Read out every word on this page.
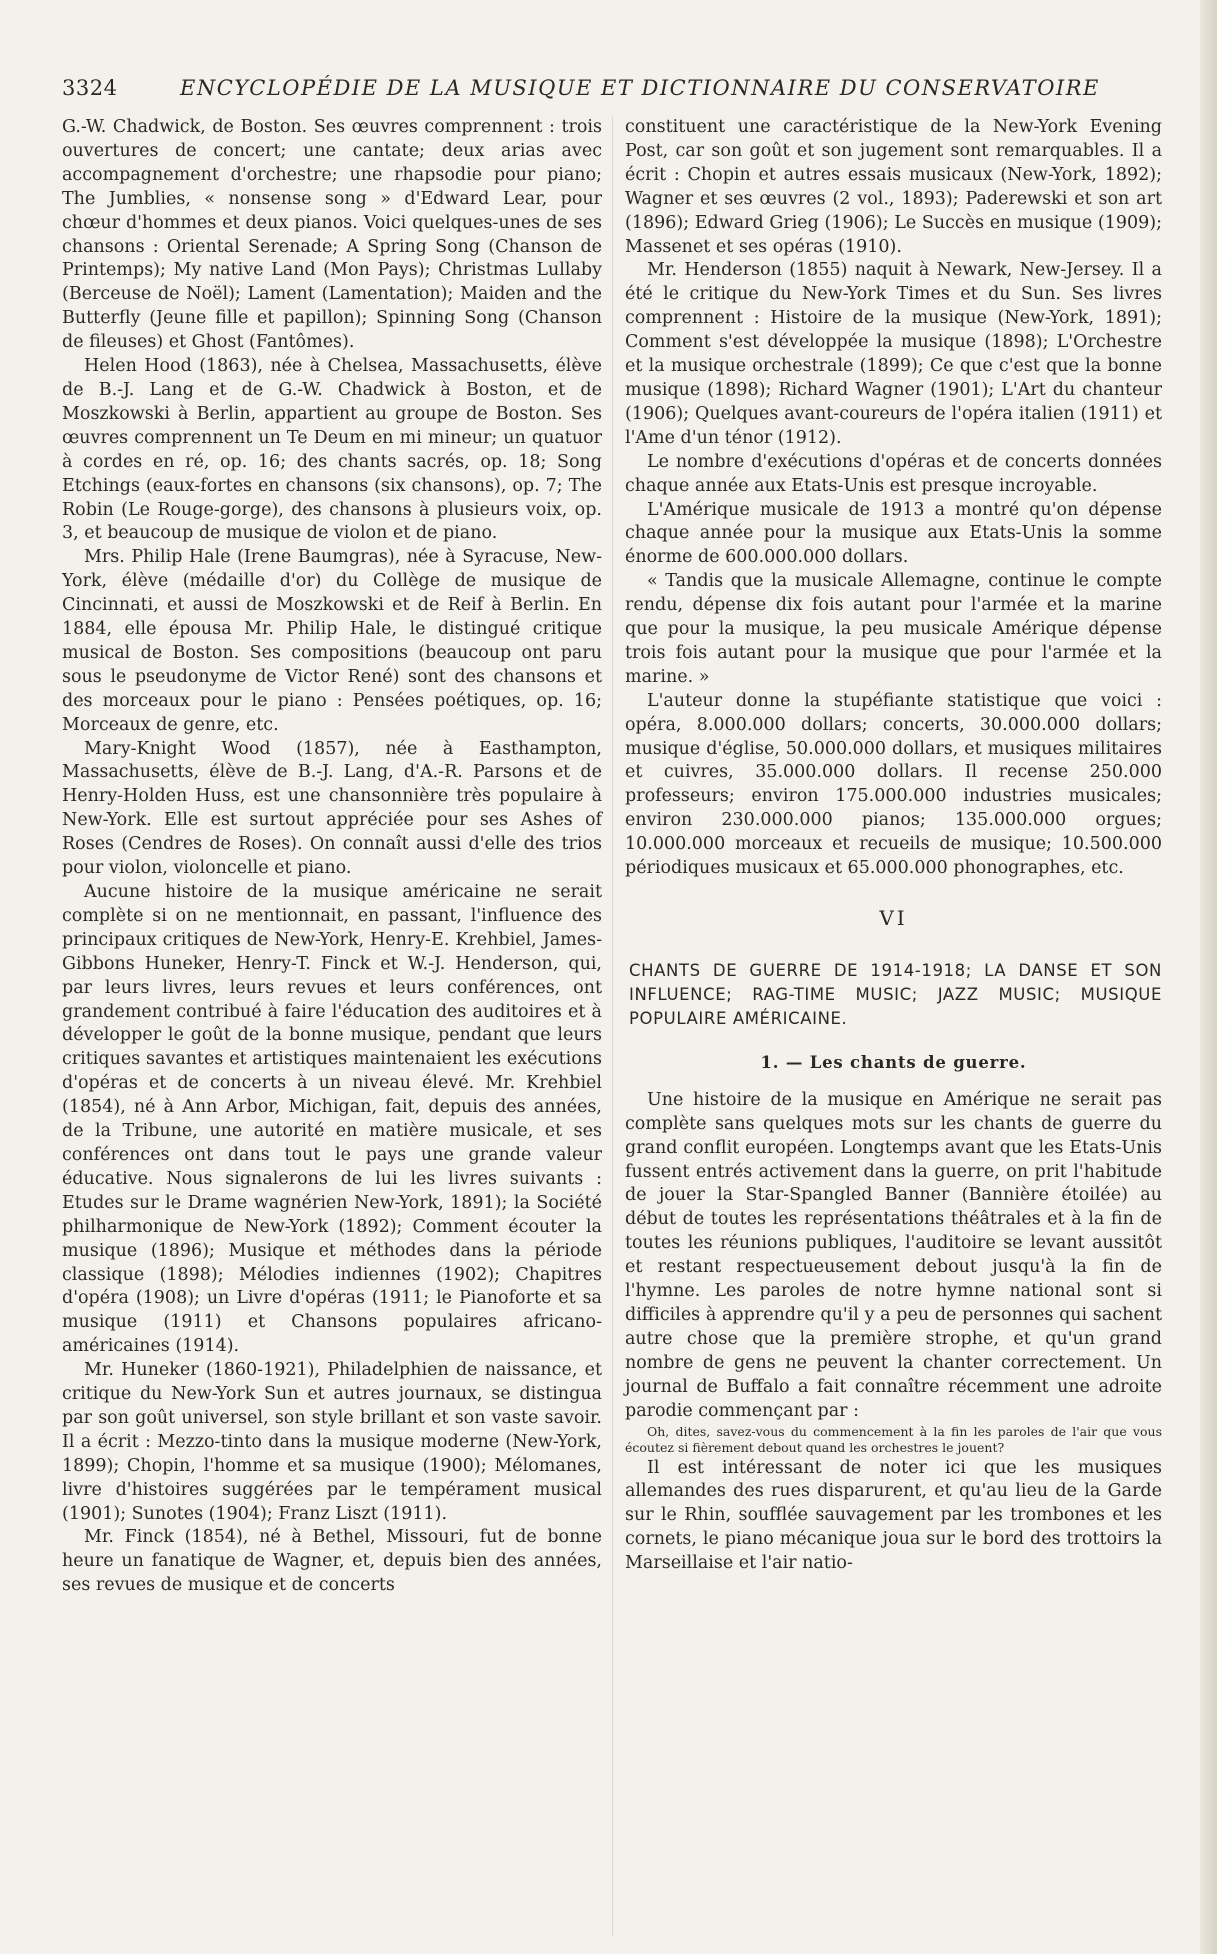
3324	ENCYCLOPÉDIE DE LA MUSIQUE ET DICTIONNAIRE DU CONSERVATOIRE

G.-W. Chadwick, de Boston. Ses œuvres comprennent : trois ouvertures de concert; une cantate; deux arias avec accompagnement d'orchestre; une rhapsodie pour piano; The Jumblies, « nonsense song » d'Edward Lear, pour chœur d'hommes et deux pianos. Voici quelques-unes de ses chansons : Oriental Serenade; A Spring Song (Chanson de Printemps); My native Land (Mon Pays); Christmas Lullaby (Berceuse de Noël); Lament (Lamentation); Maiden and the Butterfly (Jeune fille et papillon); Spinning Song (Chanson de fileuses) et Ghost (Fantômes).

Helen Hood (1863), née à Chelsea, Massachusetts, élève de B.-J. Lang et de G.-W. Chadwick à Boston, et de Moszkowski à Berlin, appartient au groupe de Boston. Ses œuvres comprennent un Te Deum en mi mineur; un quatuor à cordes en ré, op. 16; des chants sacrés, op. 18; Song Etchings (eaux-fortes en chansons (six chansons), op. 7; The Robin (Le Rouge-gorge), des chansons à plusieurs voix, op. 3, et beaucoup de musique de violon et de piano.

Mrs. Philip Hale (Irene Baumgras), née à Syracuse, New-York, élève (médaille d'or) du Collège de musique de Cincinnati, et aussi de Moszkowski et de Reif à Berlin. En 1884, elle épousa Mr. Philip Hale, le distingué critique musical de Boston. Ses compositions (beaucoup ont paru sous le pseudonyme de Victor René) sont des chansons et des morceaux pour le piano : Pensées poétiques, op. 16; Morceaux de genre, etc.

Mary-Knight Wood (1857), née à Easthampton, Massachusetts, élève de B.-J. Lang, d'A.-R. Parsons et de Henry-Holden Huss, est une chansonnière très populaire à New-York. Elle est surtout appréciée pour ses Ashes of Roses (Cendres de Roses). On connaît aussi d'elle des trios pour violon, violoncelle et piano.

Aucune histoire de la musique américaine ne serait complète si on ne mentionnait, en passant, l'influence des principaux critiques de New-York, Henry-E. Krehbiel, James-Gibbons Huneker, Henry-T. Finck et W.-J. Henderson, qui, par leurs livres, leurs revues et leurs conférences, ont grandement contribué à faire l'éducation des auditoires et à développer le goût de la bonne musique, pendant que leurs critiques savantes et artistiques maintenaient les exécutions d'opéras et de concerts à un niveau élevé. Mr. Krehbiel (1854), né à Ann Arbor, Michigan, fait, depuis des années, de la Tribune, une autorité en matière musicale, et ses conférences ont dans tout le pays une grande valeur éducative. Nous signalerons de lui les livres suivants : Etudes sur le Drame wagnérien New-York, 1891); la Société philharmonique de New-York (1892); Comment écouter la musique (1896); Musique et méthodes dans la période classique (1898); Mélodies indiennes (1902); Chapitres d'opéra (1908); un Livre d'opéras (1911; le Pianoforte et sa musique (1911) et Chansons populaires africano-américaines (1914).

Mr. Huneker (1860-1921), Philadelphien de naissance, et critique du New-York Sun et autres journaux, se distingua par son goût universel, son style brillant et son vaste savoir. Il a écrit : Mezzo-tinto dans la musique moderne (New-York, 1899); Chopin, l'homme et sa musique (1900); Mélomanes, livre d'histoires suggérées par le tempérament musical (1901); Sunotes (1904); Franz Liszt (1911).

Mr. Finck (1854), né à Bethel, Missouri, fut de bonne heure un fanatique de Wagner, et, depuis bien des années, ses revues de musique et de concerts

constituent une caractéristique de la New-York Evening Post, car son goût et son jugement sont remarquables. Il a écrit : Chopin et autres essais musicaux (New-York, 1892); Wagner et ses œuvres (2 vol., 1893); Paderewski et son art (1896); Edward Grieg (1906); Le Succès en musique (1909); Massenet et ses opéras (1910).

Mr. Henderson (1855) naquit à Newark, New-Jersey. Il a été le critique du New-York Times et du Sun. Ses livres comprennent : Histoire de la musique (New-York, 1891); Comment s'est développée la musique (1898); L'Orchestre et la musique orchestrale (1899); Ce que c'est que la bonne musique (1898); Richard Wagner (1901); L'Art du chanteur (1906); Quelques avant-coureurs de l'opéra italien (1911) et l'Ame d'un ténor (1912).

Le nombre d'exécutions d'opéras et de concerts données chaque année aux Etats-Unis est presque incroyable.

L'Amérique musicale de 1913 a montré qu'on dépense chaque année pour la musique aux Etats-Unis la somme énorme de 600.000.000 dollars.

« Tandis que la musicale Allemagne, continue le compte rendu, dépense dix fois autant pour l'armée et la marine que pour la musique, la peu musicale Amérique dépense trois fois autant pour la musique que pour l'armée et la marine. »

L'auteur donne la stupéfiante statistique que voici : opéra, 8.000.000 dollars; concerts, 30.000.000 dollars; musique d'église, 50.000.000 dollars, et musiques militaires et cuivres, 35.000.000 dollars. Il recense 250.000 professeurs; environ 175.000.000 industries musicales; environ 230.000.000 pianos; 135.000.000 orgues; 10.000.000 morceaux et recueils de musique; 10.500.000 périodiques musicaux et 65.000.000 phonographes, etc.

VI
CHANTS DE GUERRE DE 1914-1918; LA DANSE ET SON INFLUENCE; RAG-TIME MUSIC; JAZZ MUSIC; MUSIQUE POPULAIRE AMÉRICAINE.
1. — Les chants de guerre.

Une histoire de la musique en Amérique ne serait pas complète sans quelques mots sur les chants de guerre du grand conflit européen. Longtemps avant que les Etats-Unis fussent entrés activement dans la guerre, on prit l'habitude de jouer la Star-Spangled Banner (Bannière étoilée) au début de toutes les représentations théâtrales et à la fin de toutes les réunions publiques, l'auditoire se levant aussitôt et restant respectueusement debout jusqu'à la fin de l'hymne. Les paroles de notre hymne national sont si difficiles à apprendre qu'il y a peu de personnes qui sachent autre chose que la première strophe, et qu'un grand nombre de gens ne peuvent la chanter correctement. Un journal de Buffalo a fait connaître récemment une adroite parodie commençant par :

Oh, dites, savez-vous du commencement à la fin les paroles de l'air que vous écoutez si fièrement debout quand les orchestres le jouent?

Il est intéressant de noter ici que les musiques allemandes des rues disparurent, et qu'au lieu de la Garde sur le Rhin, soufflée sauvagement par les trombones et les cornets, le piano mécanique joua sur le bord des trottoirs la Marseillaise et l'air natio-
